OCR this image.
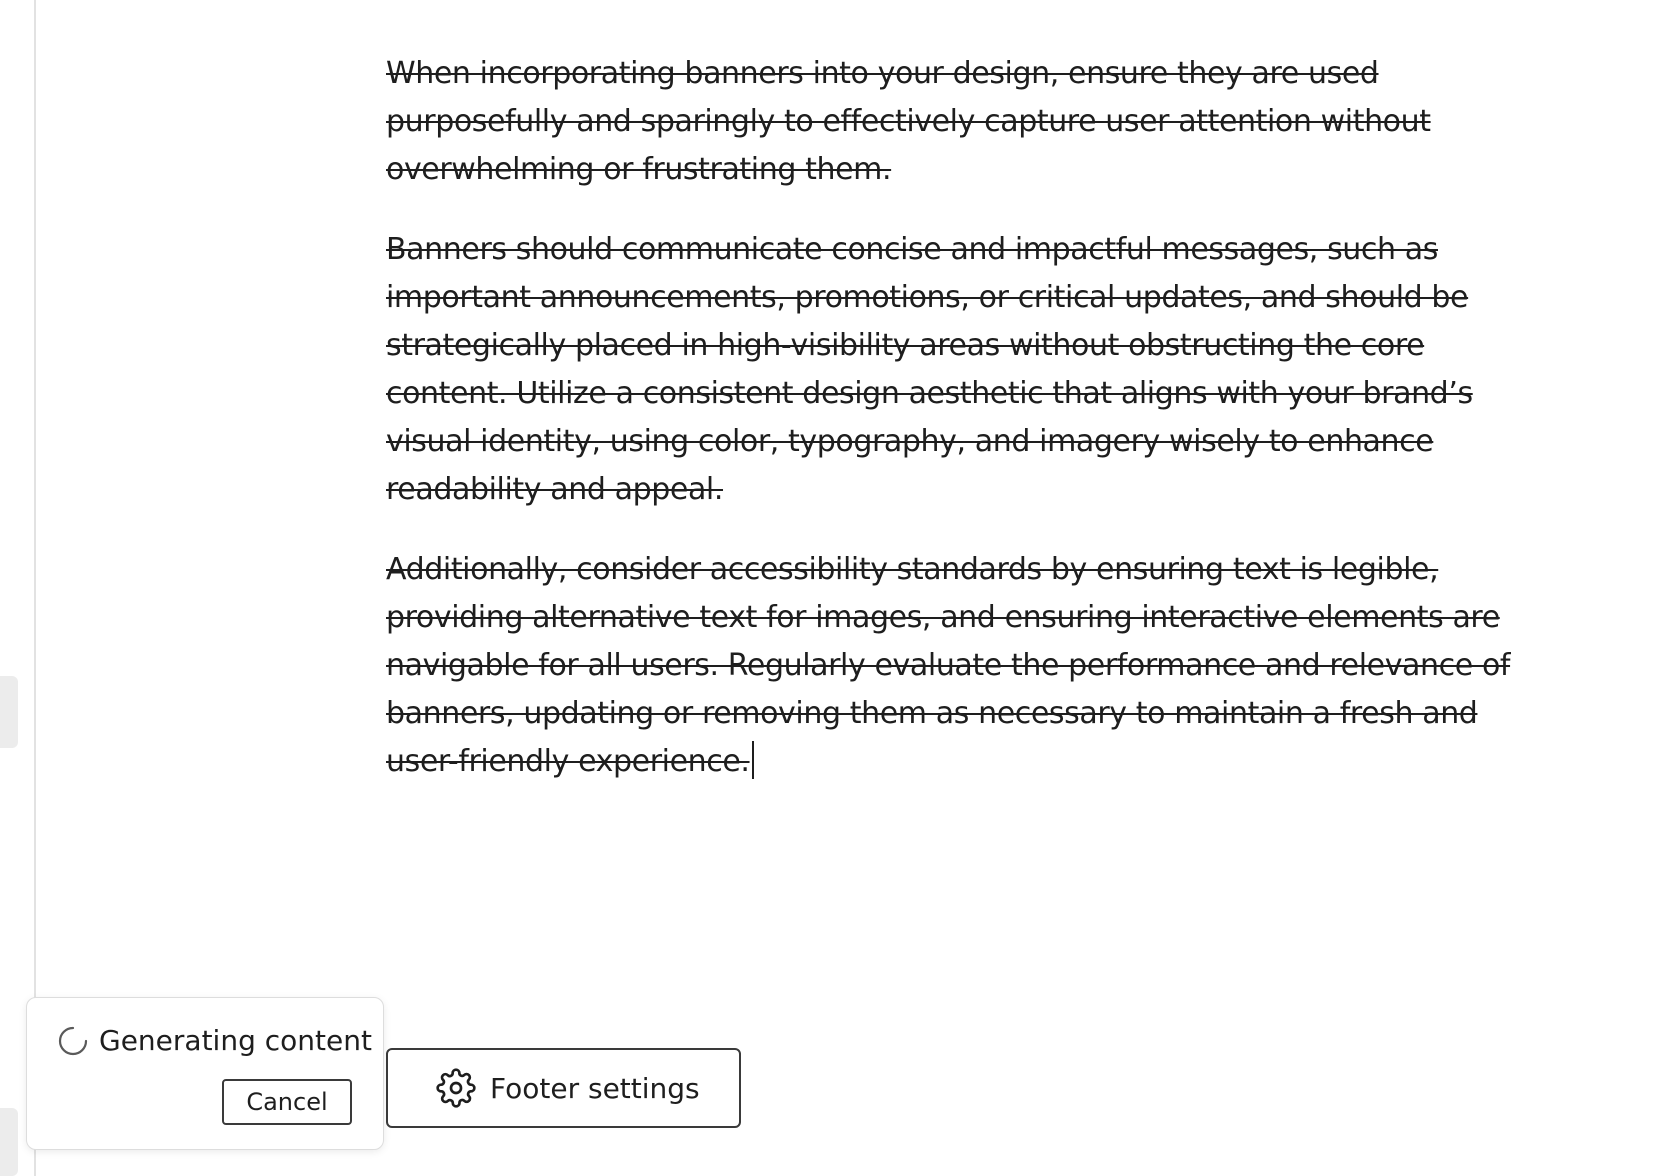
When incorporating banners into your design, ensure they are used purposefully and sparingly to effectively capture user attention without overwhelming or frustrating them.

Banners should communicate concise and impactful messages, such as important announcements, promotions, or critical updates, and should be strategically placed in high-visibility areas without obstructing the core content. Utilize a consistent design aesthetic that aligns with your brand’s visual identity, using color, typography, and imagery wisely to enhance readability and appeal.

Additionally, consider accessibility standards by ensuring text is legible, providing alternative text for images, and ensuring interactive elements are navigable for all users. Regularly evaluate the performance and relevance of banners, updating or removing them as necessary to maintain a fresh and user-friendly experience.

Generating content
Cancel	Footer settings
